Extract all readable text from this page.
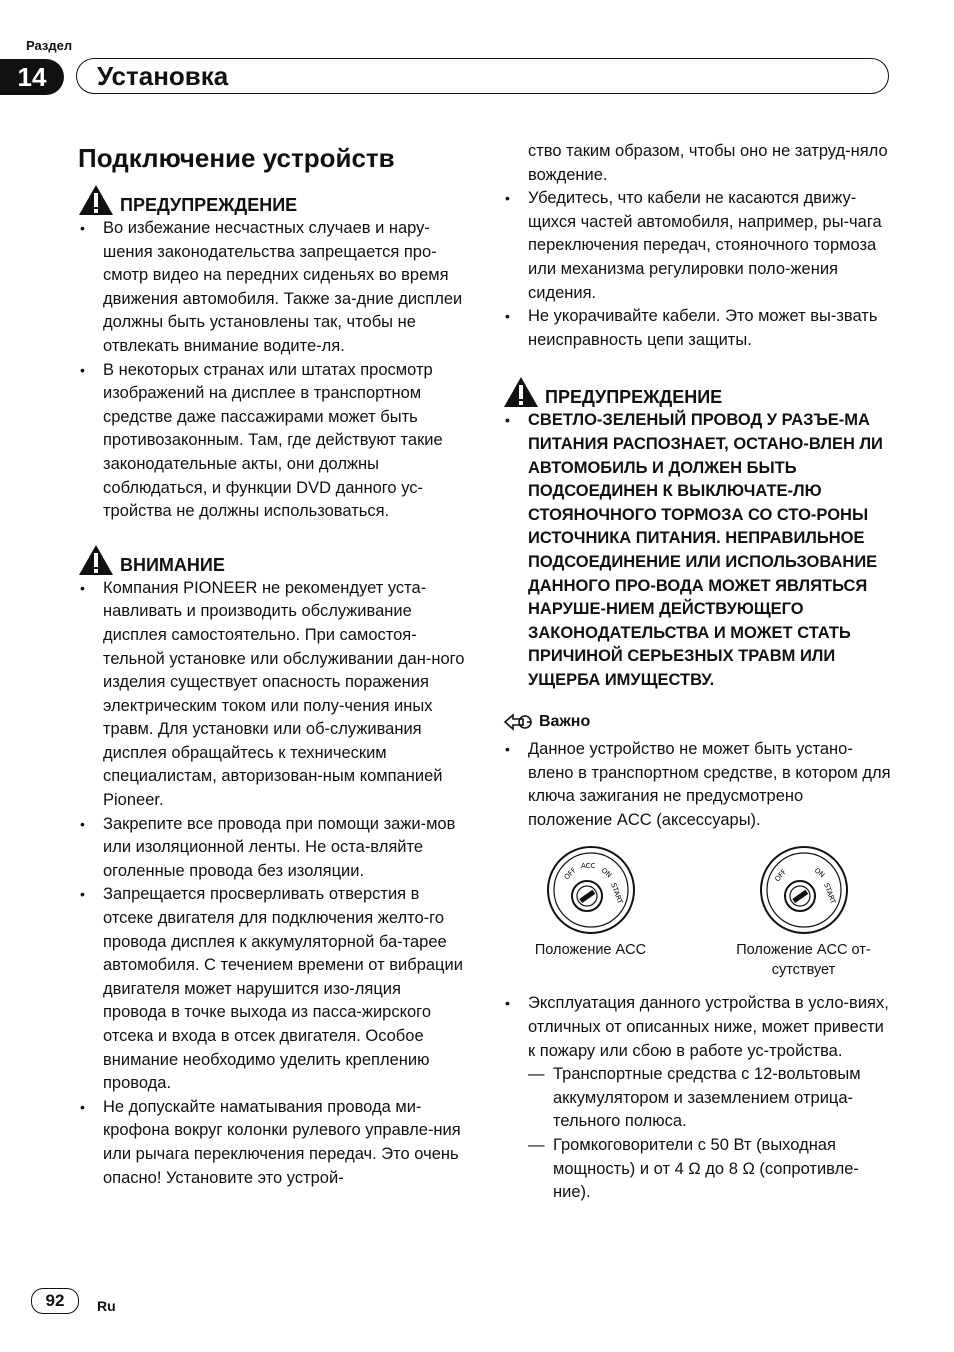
Раздел
14	Установка
Подключение устройств
ПРЕДУПРЕЖДЕНИЕ
• Во избежание несчастных случаев и нару-шения законодательства запрещается про-смотр видео на передних сиденьях во время движения автомобиля. Также за-дние дисплеи должны быть установлены так, чтобы не отвлекать внимание водите-ля.
• В некоторых странах или штатах просмотр изображений на дисплее в транспортном средстве даже пассажирами может быть противозаконным. Там, где действуют такие законодательные акты, они должны соблюдаться, и функции DVD данного ус-тройства не должны использоваться.
ВНИМАНИЕ
• Компания PIONEER не рекомендует уста-навливать и производить обслуживание дисплея самостоятельно. При самостоя-тельной установке или обслуживании дан-ного изделия существует опасность поражения электрическим током или полу-чения иных травм. Для установки или об-служивания дисплея обращайтесь к техническим специалистам, авторизован-ным компанией Pioneer.
• Закрепите все провода при помощи зажи-мов или изоляционной ленты. Не оста-вляйте оголенные провода без изоляции.
• Запрещается просверливать отверстия в отсеке двигателя для подключения желто-го провода дисплея к аккумуляторной ба-тарее автомобиля. С течением времени от вибрации двигателя может нарушится изо-ляция провода в точке выхода из пасса-жирского отсека и входа в отсек двигателя. Особое внимание необходимо уделить креплению провода.
• Не допускайте наматывания провода ми-крофона вокруг колонки рулевого управле-ния или рычага переключения передач. Это очень опасно! Установите это устрой-
ство таким образом, чтобы оно не затруд-няло вождение.
• Убедитесь, что кабели не касаются движу-щихся частей автомобиля, например, ры-чага переключения передач, стояночного тормоза или механизма регулировки поло-жения сидения.
• Не укорачивайте кабели. Это может вы-звать неисправность цепи защиты.
ПРЕДУПРЕЖДЕНИЕ
• СВЕТЛО-ЗЕЛЕНЫЙ ПРОВОД У РАЗЪЕ-МА ПИТАНИЯ РАСПОЗНАЕТ, ОСТАНО-ВЛЕН ЛИ АВТОМОБИЛЬ И ДОЛЖЕН БЫТЬ ПОДСОЕДИНЕН К ВЫКЛЮЧАТЕ-ЛЮ СТОЯНОЧНОГО ТОРМОЗА СО СТО-РОНЫ ИСТОЧНИКА ПИТАНИЯ. НЕПРАВИЛЬНОЕ ПОДСОЕДИНЕНИЕ ИЛИ ИСПОЛЬЗОВАНИЕ ДАННОГО ПРО-ВОДА МОЖЕТ ЯВЛЯТЬСЯ НАРУШЕ-НИЕМ ДЕЙСТВУЮЩЕГО ЗАКОНОДАТЕЛЬСТВА И МОЖЕТ СТАТЬ ПРИЧИНОЙ СЕРЬЕЗНЫХ ТРАВМ ИЛИ УЩЕРБА ИМУЩЕСТВУ.
Важно
• Данное устройство не может быть устано-влено в транспортном средстве, в котором для ключа зажигания не предусмотрено положение ACC (аксессуары).
OFF
ACC
ON
START
Положение ACC
OFF	ON
START
Положение ACC от-сутствует
• Эксплуатация данного устройства в усло-виях, отличных от описанных ниже, может привести к пожару или сбою в работе ус-тройства.
— Транспортные средства с 12-вольтовым аккумулятором и заземлением отрица-тельного полюса.
— Громкоговорители с 50 Вт (выходная мощность) и от 4 Ω до 8 Ω (сопротивле-ние).
92	Ru
